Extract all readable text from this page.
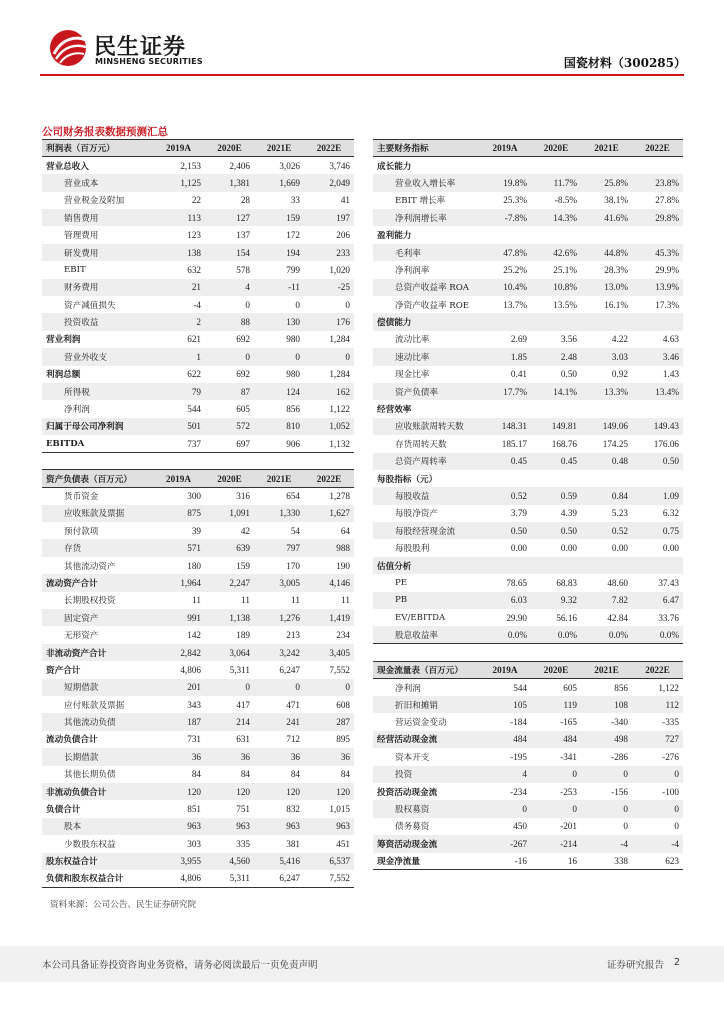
民生证券
MINSHENG SECURITIES	国瓷材料（300285）
公司财务报表数据预测汇总
利润表（百万元）	2019A	2020E	2021E	2022E
营业总收入	2,153	2,406	3,026	3,746
营业成本	1,125	1,381	1,669	2,049
营业税金及附加	22	28	33	41
销售费用	113	127	159	197
管理费用	123	137	172	206
研发费用	138	154	194	233
EBIT	632	578	799	1,020
财务费用	21	4	-11	-25
资产减值损失	-4	0	0	0
投资收益	2	88	130	176
营业利润	621	692	980	1,284
营业外收支	1	0	0	0
利润总额	622	692	980	1,284
所得税	79	87	124	162
净利润	544	605	856	1,122
归属于母公司净利润	501	572	810	1,052
EBITDA	737	697	906	1,132

资产负债表（百万元）	2019A	2020E	2021E	2022E
货币资金	300	316	654	1,278
应收账款及票据	875	1,091	1,330	1,627
预付款项	39	42	54	64
存货	571	639	797	988
其他流动资产	180	159	170	190
流动资产合计	1,964	2,247	3,005	4,146
长期股权投资	11	11	11	11
固定资产	991	1,138	1,276	1,419
无形资产	142	189	213	234
非流动资产合计	2,842	3,064	3,242	3,405
资产合计	4,806	5,311	6,247	7,552
短期借款	201	0	0	0
应付账款及票据	343	417	471	608
其他流动负债	187	214	241	287
流动负债合计	731	631	712	895
长期借款	36	36	36	36
其他长期负债	84	84	84	84
非流动负债合计	120	120	120	120
负债合计	851	751	832	1,015
股本	963	963	963	963
少数股东权益	303	335	381	451
股东权益合计	3,955	4,560	5,416	6,537
负债和股东权益合计	4,806	5,311	6,247	7,552
主要财务指标	2019A	2020E	2021E	2022E
成长能力				
营业收入增长率	19.8%	11.7%	25.8%	23.8%
EBIT 增长率	25.3%	-8.5%	38.1%	27.8%
净利润增长率	-7.8%	14.3%	41.6%	29.8%
盈利能力				
毛利率	47.8%	42.6%	44.8%	45.3%
净利润率	25.2%	25.1%	28.3%	29.9%
总资产收益率 ROA	10.4%	10.8%	13.0%	13.9%
净资产收益率 ROE	13.7%	13.5%	16.1%	17.3%
偿债能力				
流动比率	2.69	3.56	4.22	4.63
速动比率	1.85	2.48	3.03	3.46
现金比率	0.41	0.50	0.92	1.43
资产负债率	17.7%	14.1%	13.3%	13.4%
经营效率				
应收账款周转天数	148.31	149.81	149.06	149.43
存货周转天数	185.17	168.76	174.25	176.06
总资产周转率	0.45	0.45	0.48	0.50
每股指标（元）				
每股收益	0.52	0.59	0.84	1.09
每股净资产	3.79	4.39	5.23	6.32
每股经营现金流	0.50	0.50	0.52	0.75
每股股利	0.00	0.00	0.00	0.00
估值分析				
PE	78.65	68.83	48.60	37.43
PB	6.03	9.32	7.82	6.47
EV/EBITDA	29.90	56.16	42.84	33.76
股息收益率	0.0%	0.0%	0.0%	0.0%

现金流量表（百万元）	2019A	2020E	2021E	2022E
净利润	544	605	856	1,122
折旧和摊销	105	119	108	112
营运资金变动	-184	-165	-340	-335
经营活动现金流	484	484	498	727
资本开支	-195	-341	-286	-276
投资	4	0	0	0
投资活动现金流	-234	-253	-156	-100
股权募资	0	0	0	0
债务募资	450	-201	0	0
筹资活动现金流	-267	-214	-4	-4
现金净流量	-16	16	338	623
资料来源：公司公告、民生证券研究院
本公司具备证券投资咨询业务资格，请务必阅读最后一页免责声明	证券研究报告 2
